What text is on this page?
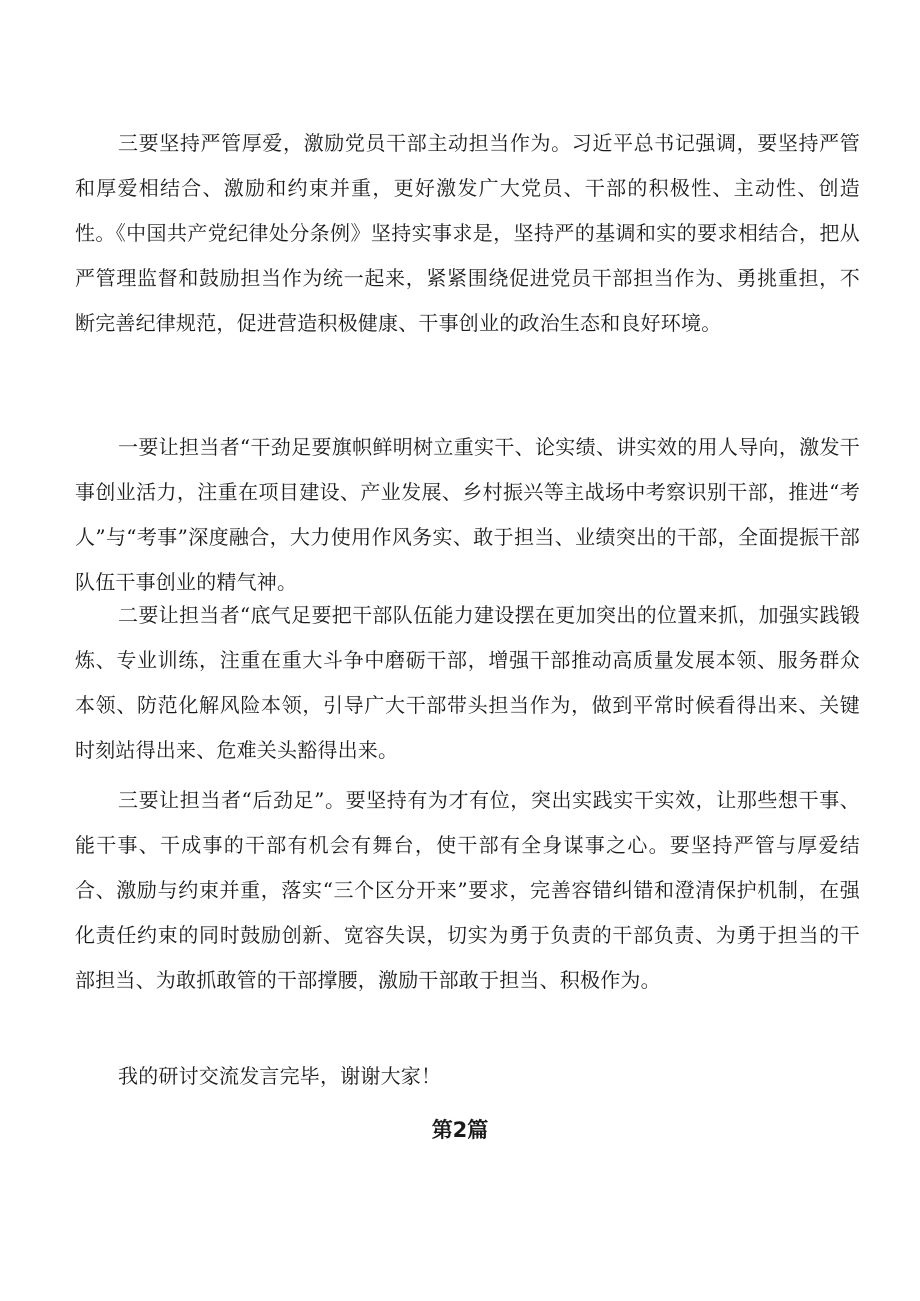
三要坚持严管厚爱，激励党员干部主动担当作为。习近平总书记强调，要坚持严管和厚爱相结合、激励和约束并重，更好激发广大党员、干部的积极性、主动性、创造性。《中国共产党纪律处分条例》坚持实事求是，坚持严的基调和实的要求相结合，把从严管理监督和鼓励担当作为统一起来，紧紧围绕促进党员干部担当作为、勇挑重担，不断完善纪律规范，促进营造积极健康、干事创业的政治生态和良好环境。

一要让担当者“干劲足要旗帜鲜明树立重实干、论实绩、讲实效的用人导向，激发干事创业活力，注重在项目建设、产业发展、乡村振兴等主战场中考察识别干部，推进“考人”与“考事”深度融合，大力使用作风务实、敢于担当、业绩突出的干部，全面提振干部队伍干事创业的精气神。

二要让担当者“底气足要把干部队伍能力建设摆在更加突出的位置来抓，加强实践锻炼、专业训练，注重在重大斗争中磨砺干部，增强干部推动高质量发展本领、服务群众本领、防范化解风险本领，引导广大干部带头担当作为，做到平常时候看得出来、关键时刻站得出来、危难关头豁得出来。

三要让担当者“后劲足”。要坚持有为才有位，突出实践实干实效，让那些想干事、能干事、干成事的干部有机会有舞台，使干部有全身谋事之心。要坚持严管与厚爱结合、激励与约束并重，落实“三个区分开来”要求，完善容错纠错和澄清保护机制，在强化责任约束的同时鼓励创新、宽容失误，切实为勇于负责的干部负责、为勇于担当的干部担当、为敢抓敢管的干部撑腰，激励干部敢于担当、积极作为。

我的研讨交流发言完毕，谢谢大家！

第2篇
